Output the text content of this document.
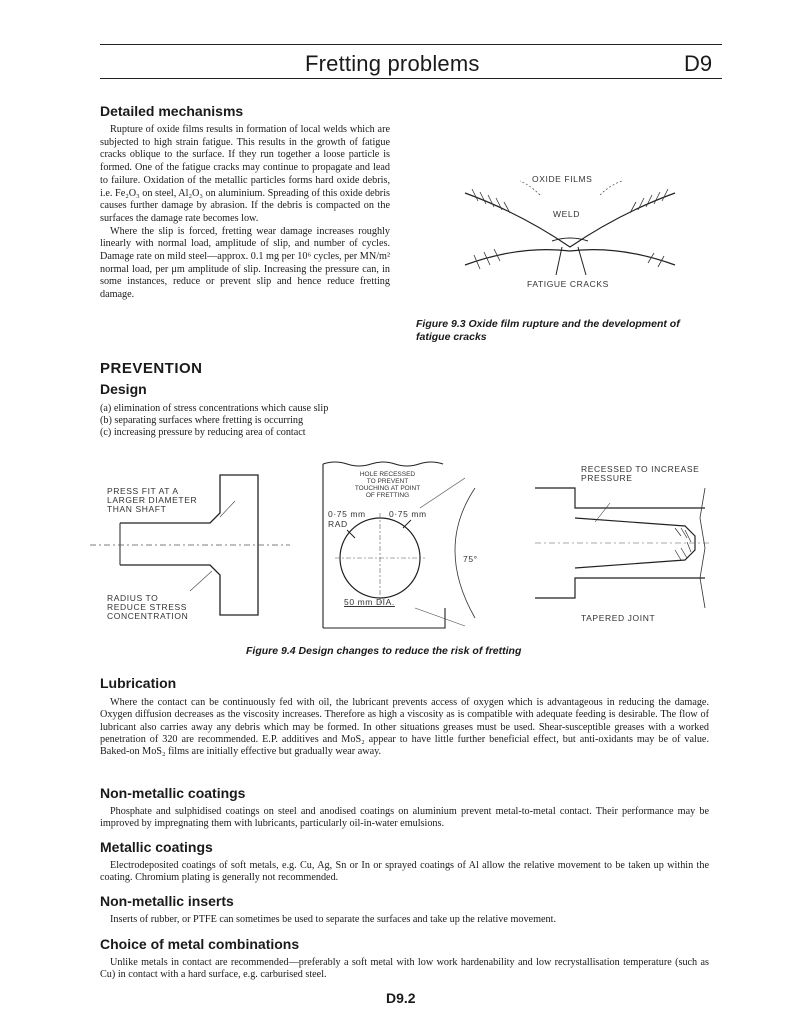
Fretting problems	D9
Detailed mechanisms

Rupture of oxide films results in formation of local welds which are subjected to high strain fatigue. This results in the growth of fatigue cracks oblique to the surface. If they run together a loose particle is formed. One of the fatigue cracks may continue to propagate and lead to failure. Oxidation of the metallic particles forms hard oxide debris, i.e. Fe₂O₃ on steel, Al₂O₃ on aluminium. Spreading of this oxide debris causes further damage by abrasion. If the debris is compacted on the surfaces the damage rate becomes low.

Where the slip is forced, fretting wear damage increases roughly linearly with normal load, amplitude of slip, and number of cycles. Damage rate on mild steel—approx. 0.1 mg per 10⁶ cycles, per MN/m² normal load, per μm amplitude of slip. Increasing the pressure can, in some instances, reduce or prevent slip and hence reduce fretting damage.

OXIDE FILMS
WELD
FATIGUE CRACKS
Figure 9.3 Oxide film rupture and the development of fatigue cracks
PREVENTION
Design
(a) elimination of stress concentrations which cause slip
(b) separating surfaces where fretting is occurring
(c) increasing pressure by reducing area of contact
PRESS FIT AT A
LARGER DIAMETER
THAN SHAFT
RADIUS TO
REDUCE STRESS
CONCENTRATION
HOLE RECESSED
TO PREVENT
TOUCHING AT POINT
OF FRETTING
0·75 mm	0·75 mm
RAD
75°
50 mm DIA.
RECESSED TO INCREASE
PRESSURE
TAPERED JOINT
Figure 9.4 Design changes to reduce the risk of fretting
Lubrication
Where the contact can be continuously fed with oil, the lubricant prevents access of oxygen which is advantageous in reducing the damage. Oxygen diffusion decreases as the viscosity increases. Therefore as high a viscosity as is compatible with adequate feeding is desirable. The flow of lubricant also carries away any debris which may be formed. In other situations greases must be used. Shear-susceptible greases with a worked penetration of 320 are recommended. E.P. additives and MoS₂ appear to have little further beneficial effect, but anti-oxidants may be of value. Baked-on MoS₂ films are initially effective but gradually wear away.
Non-metallic coatings
Phosphate and sulphidised coatings on steel and anodised coatings on aluminium prevent metal-to-metal contact. Their performance may be improved by impregnating them with lubricants, particularly oil-in-water emulsions.
Metallic coatings
Electrodeposited coatings of soft metals, e.g. Cu, Ag, Sn or In or sprayed coatings of Al allow the relative movement to be taken up within the coating. Chromium plating is generally not recommended.
Non-metallic inserts
Inserts of rubber, or PTFE can sometimes be used to separate the surfaces and take up the relative movement.
Choice of metal combinations
Unlike metals in contact are recommended—preferably a soft metal with low work hardenability and low recrystallisation temperature (such as Cu) in contact with a hard surface, e.g. carburised steel.
D9.2
